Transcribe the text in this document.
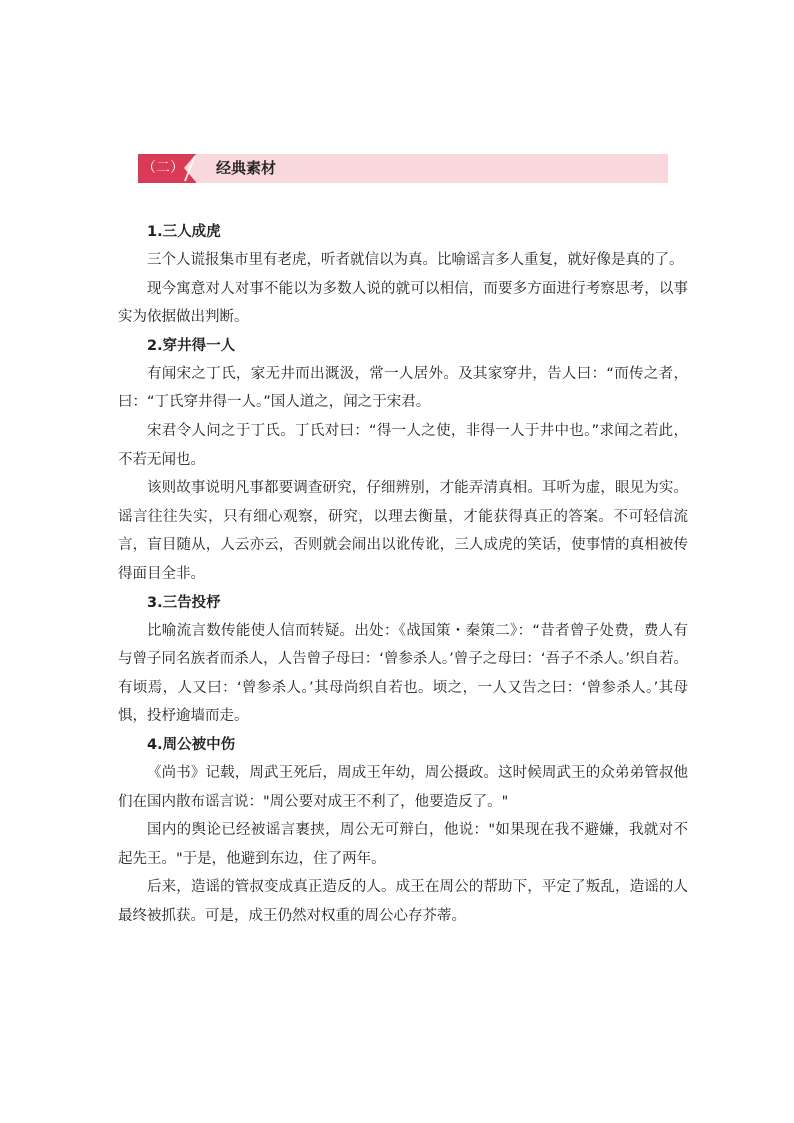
（二）	经典素材

1.三人成虎

三个人谎报集市里有老虎，听者就信以为真。比喻谣言多人重复，就好像是真的了。

现今寓意对人对事不能以为多数人说的就可以相信，而要多方面进行考察思考，以事实为依据做出判断。

2.穿井得一人

有闻宋之丁氏，家无井而出溉汲，常一人居外。及其家穿井，告人曰：“而传之者，曰：“丁氏穿井得一人。”国人道之，闻之于宋君。

宋君令人问之于丁氏。丁氏对曰：“得一人之使，非得一人于井中也。”求闻之若此，不若无闻也。

该则故事说明凡事都要调查研究，仔细辨别，才能弄清真相。耳听为虚，眼见为实。谣言往往失实，只有细心观察，研究，以理去衡量，才能获得真正的答案。不可轻信流言，盲目随从，人云亦云，否则就会闹出以讹传讹，三人成虎的笑话，使事情的真相被传得面目全非。

3.三告投杼

比喻流言数传能使人信而转疑。出处：《战国策・秦策二》：“昔者曾子处费，费人有与曾子同名族者而杀人，人告曾子母曰：‘曾参杀人。’曾子之母曰：‘吾子不杀人。’织自若。有顷焉，人又曰：‘曾参杀人。’其母尚织自若也。顷之，一人又告之曰：‘曾参杀人。’其母惧，投杼逾墙而走。

4.周公被中伤

《尚书》记载，周武王死后，周成王年幼，周公摄政。这时候周武王的众弟弟管叔他们在国内散布谣言说："周公要对成王不利了，他要造反了。"

国内的舆论已经被谣言裹挟，周公无可辩白，他说："如果现在我不避嫌，我就对不起先王。"于是，他避到东边，住了两年。

后来，造谣的管叔变成真正造反的人。成王在周公的帮助下，平定了叛乱，造谣的人最终被抓获。可是，成王仍然对权重的周公心存芥蒂。
